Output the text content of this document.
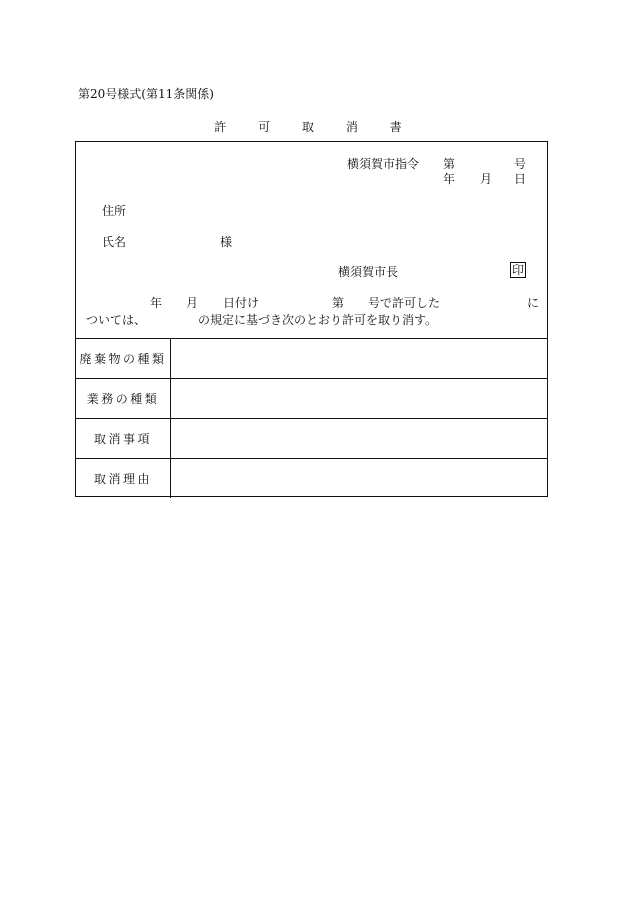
第20号様式(第11条関係)
許	可	取	消	書
横須賀市指令 第	号
年 月 日
住所
氏名	様
横須賀市長	印
年 月 日付け	第 号で許可した	に
ついては、	の規定に基づき次のとおり許可を取り消す。
廃棄物の種類
業務の種類
取消事項
取消理由
